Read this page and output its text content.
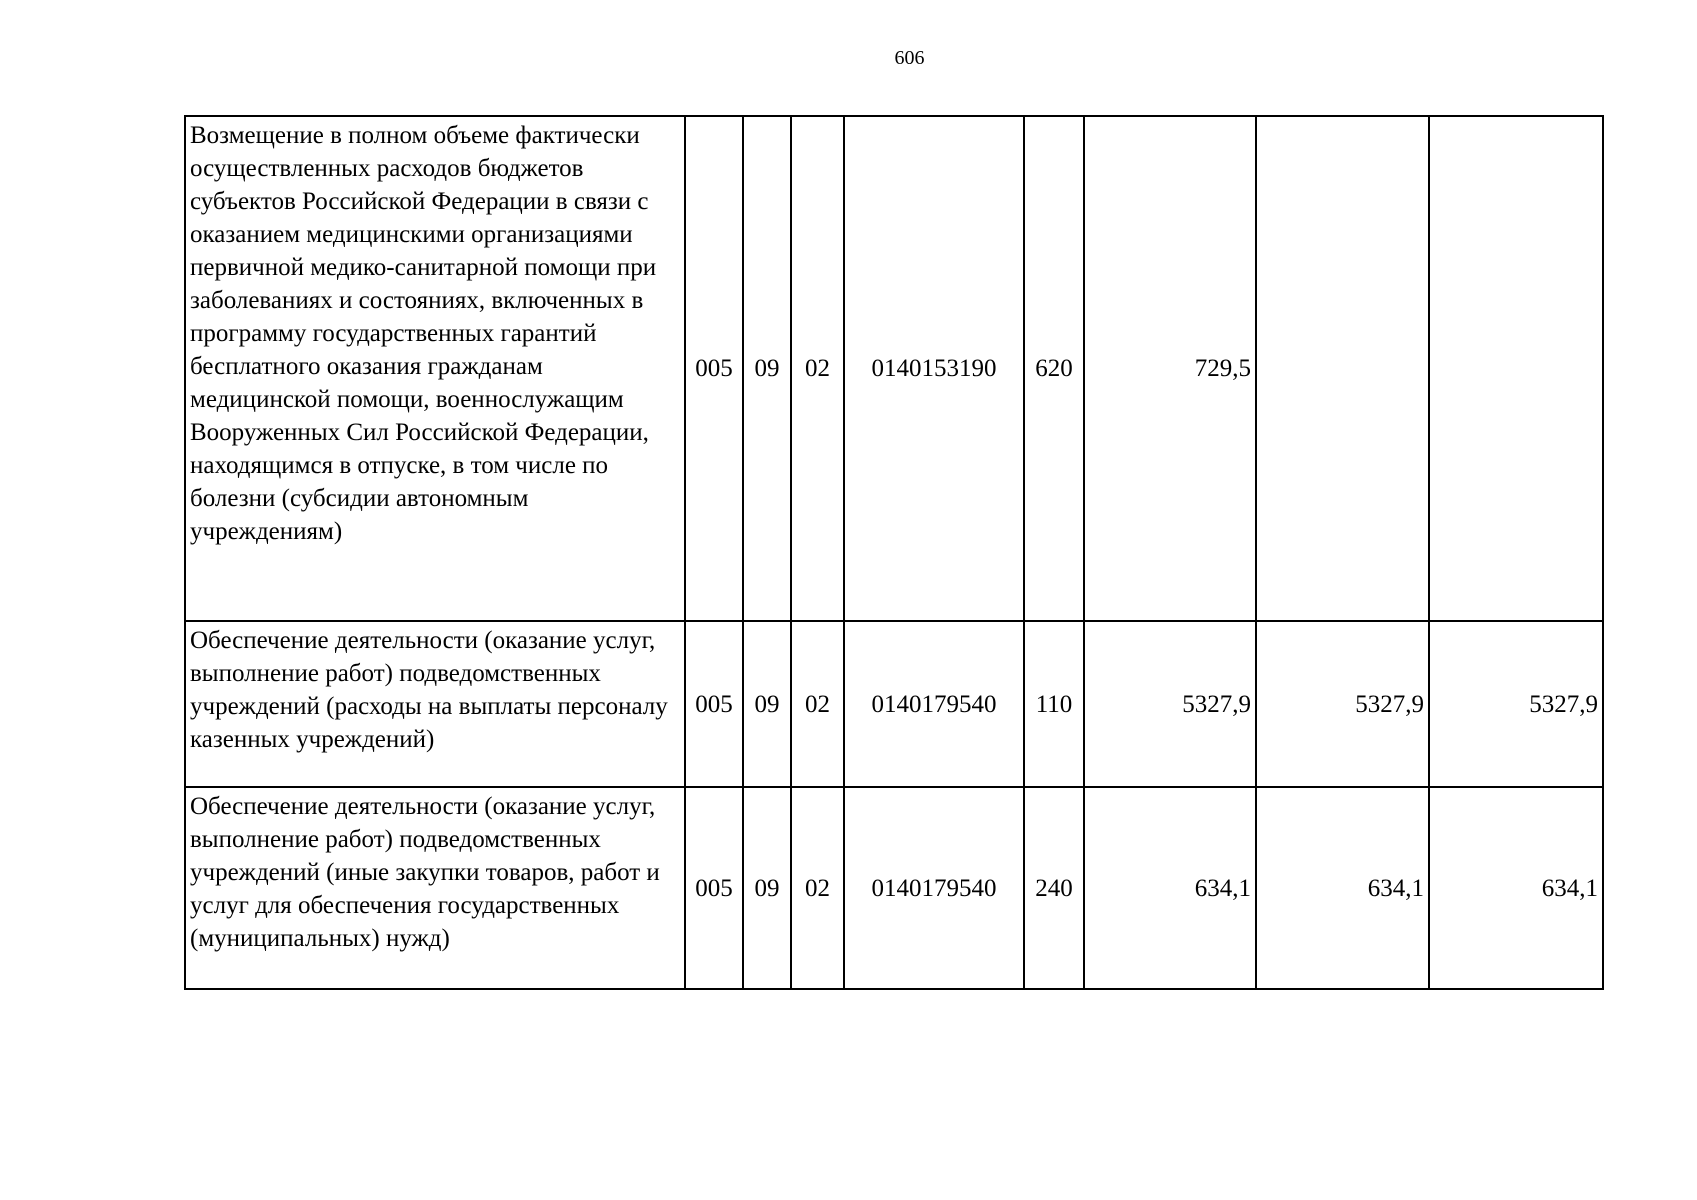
606
Возмещение в полном объеме фактически осуществленных расходов бюджетов субъектов Российской Федерации в связи с оказанием медицинскими организациями первичной медико-санитарной помощи при заболеваниях и состояниях, включенных в программу государственных гарантий бесплатного оказания гражданам медицинской помощи, военнослужащим Вооруженных Сил Российской Федерации, находящимся в отпуске, в том числе по болезни (субсидии автономным учреждениям)	005	09	02	0140153190	620	729,5		
Обеспечение деятельности (оказание услуг, выполнение работ) подведомственных учреждений (расходы на выплаты персоналу казенных учреждений)	005	09	02	0140179540	110	5327,9	5327,9	5327,9
Обеспечение деятельности (оказание услуг, выполнение работ) подведомственных учреждений (иные закупки товаров, работ и услуг для обеспечения государственных (муниципальных) нужд)	005	09	02	0140179540	240	634,1	634,1	634,1
